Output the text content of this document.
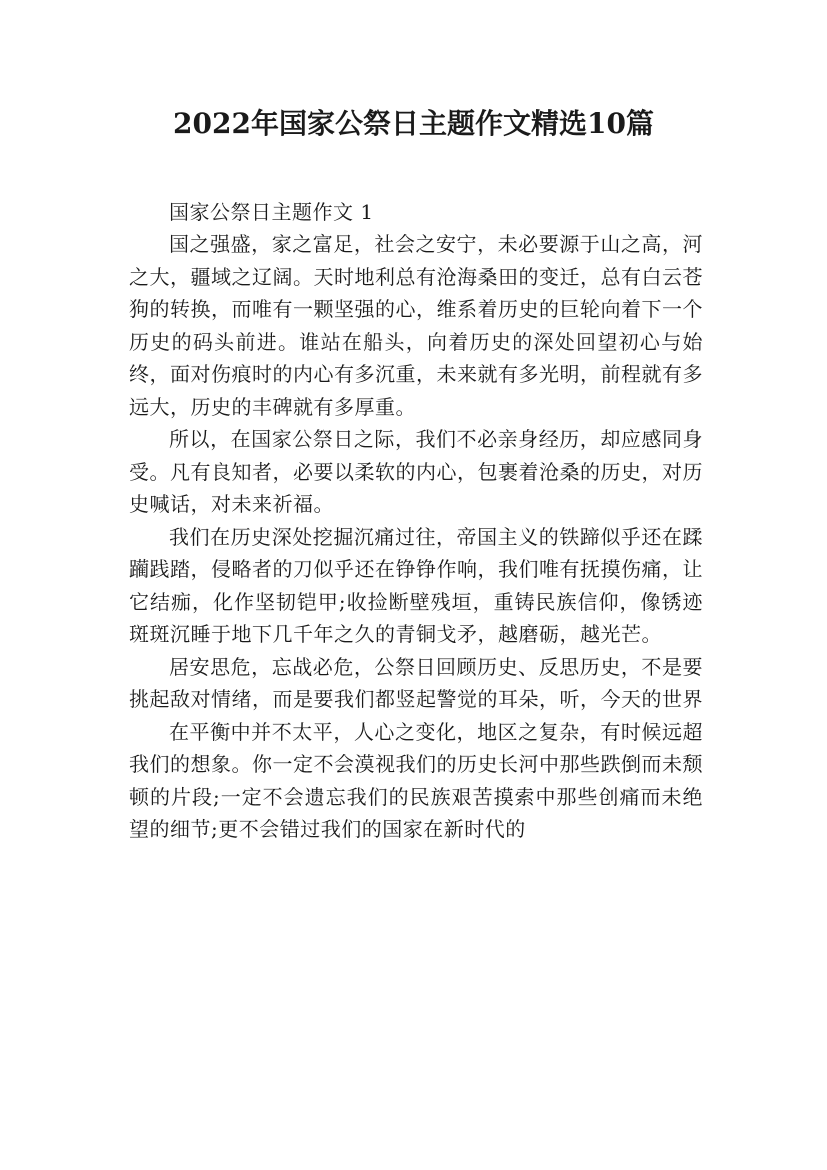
2022年国家公祭日主题作文精选10篇

国家公祭日主题作文 1

国之强盛，家之富足，社会之安宁，未必要源于山之高，河之大，疆域之辽阔。天时地利总有沧海桑田的变迁，总有白云苍狗的转换，而唯有一颗坚强的心，维系着历史的巨轮向着下一个历史的码头前进。谁站在船头，向着历史的深处回望初心与始终，面对伤痕时的内心有多沉重，未来就有多光明，前程就有多远大，历史的丰碑就有多厚重。

所以，在国家公祭日之际，我们不必亲身经历，却应感同身受。凡有良知者，必要以柔软的内心，包裹着沧桑的历史，对历史喊话，对未来祈福。

我们在历史深处挖掘沉痛过往，帝国主义的铁蹄似乎还在蹂躏践踏，侵略者的刀似乎还在铮铮作响，我们唯有抚摸伤痛，让它结痂，化作坚韧铠甲;收捡断壁残垣，重铸民族信仰，像锈迹斑斑沉睡于地下几千年之久的青铜戈矛，越磨砺，越光芒。

居安思危，忘战必危，公祭日回顾历史、反思历史，不是要挑起敌对情绪，而是要我们都竖起警觉的耳朵，听，今天的世界

在平衡中并不太平，人心之变化，地区之复杂，有时候远超我们的想象。你一定不会漠视我们的历史长河中那些跌倒而未颓顿的片段;一定不会遗忘我们的民族艰苦摸索中那些创痛而未绝望的细节;更不会错过我们的国家在新时代的
